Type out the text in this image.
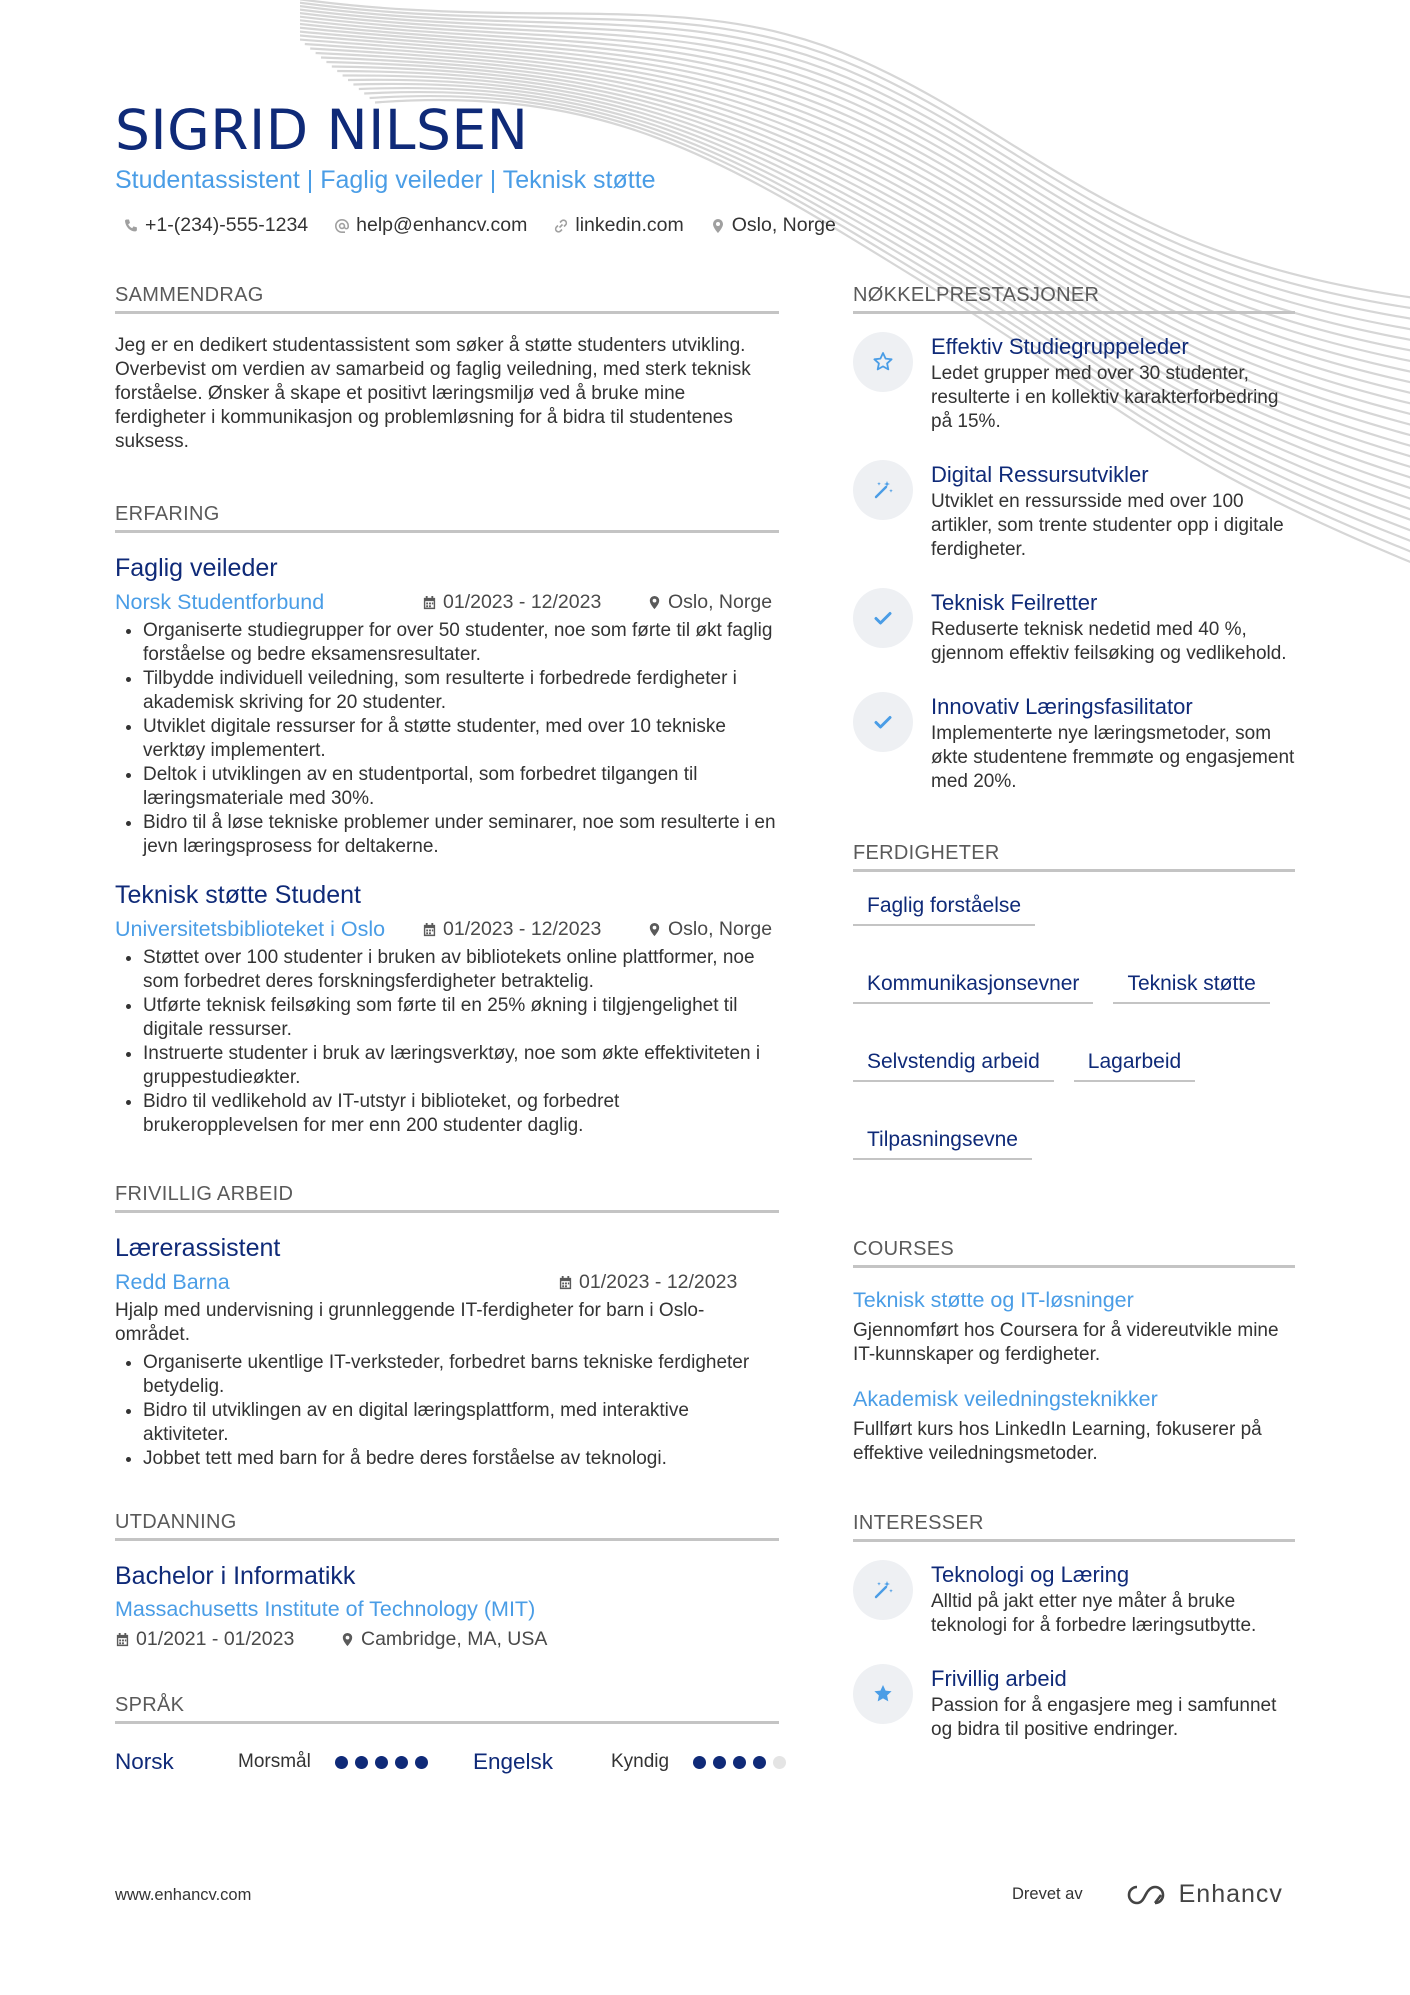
SIGRID NILSEN
Studentassistent | Faglig veileder | Teknisk støtte
+1-(234)-555-1234 help@enhancv.com linkedin.com Oslo, Norge
SAMMENDRAG
Jeg er en dedikert studentassistent som søker å støtte studenters utvikling. Overbevist om verdien av samarbeid og faglig veiledning, med sterk teknisk forståelse. Ønsker å skape et positivt læringsmiljø ved å bruke mine ferdigheter i kommunikasjon og problemløsning for å bidra til studentenes suksess.
ERFARING
Faglig veileder
Norsk Studentforbund	01/2023 - 12/2023	Oslo, Norge
• Organiserte studiegrupper for over 50 studenter, noe som førte til økt faglig forståelse og bedre eksamensresultater.
• Tilbydde individuell veiledning, som resulterte i forbedrede ferdigheter i akademisk skriving for 20 studenter.
• Utviklet digitale ressurser for å støtte studenter, med over 10 tekniske verktøy implementert.
• Deltok i utviklingen av en studentportal, som forbedret tilgangen til læringsmateriale med 30%.
• Bidro til å løse tekniske problemer under seminarer, noe som resulterte i en jevn læringsprosess for deltakerne.
Teknisk støtte Student
Universitetsbiblioteket i Oslo	01/2023 - 12/2023	Oslo, Norge
• Støttet over 100 studenter i bruken av bibliotekets online plattformer, noe som forbedret deres forskningsferdigheter betraktelig.
• Utførte teknisk feilsøking som førte til en 25% økning i tilgjengelighet til digitale ressurser.
• Instruerte studenter i bruk av læringsverktøy, noe som økte effektiviteten i gruppestudieøkter.
• Bidro til vedlikehold av IT-utstyr i biblioteket, og forbedret brukeropplevelsen for mer enn 200 studenter daglig.
FRIVILLIG ARBEID
Lærerassistent
Redd Barna	01/2023 - 12/2023
Hjalp med undervisning i grunnleggende IT-ferdigheter for barn i Oslo-området.
• Organiserte ukentlige IT-verksteder, forbedret barns tekniske ferdigheter betydelig.
• Bidro til utviklingen av en digital læringsplattform, med interaktive aktiviteter.
• Jobbet tett med barn for å bedre deres forståelse av teknologi.
UTDANNING
Bachelor i Informatikk
Massachusetts Institute of Technology (MIT)
01/2021 - 01/2023	Cambridge, MA, USA
SPRÅK
Norsk	Morsmål	Engelsk	Kyndig
NØKKELPRESTASJONER
Effektiv Studiegruppeleder
Ledet grupper med over 30 studenter, resulterte i en kollektiv karakterforbedring på 15%.
Digital Ressursutvikler
Utviklet en ressursside med over 100 artikler, som trente studenter opp i digitale ferdigheter.
Teknisk Feilretter
Reduserte teknisk nedetid med 40 %, gjennom effektiv feilsøking og vedlikehold.
Innovativ Læringsfasilitator
Implementerte nye læringsmetoder, som økte studentene fremmøte og engasjement med 20%.
FERDIGHETER
Faglig forståelse
Kommunikasjonsevner	Teknisk støtte
Selvstendig arbeid	Lagarbeid
Tilpasningsevne
COURSES
Teknisk støtte og IT-løsninger
Gjennomført hos Coursera for å videreutvikle mine IT-kunnskaper og ferdigheter.
Akademisk veiledningsteknikker
Fullført kurs hos LinkedIn Learning, fokuserer på effektive veiledningsmetoder.
INTERESSER
Teknologi og Læring
Alltid på jakt etter nye måter å bruke teknologi for å forbedre læringsutbytte.
Frivillig arbeid
Passion for å engasjere meg i samfunnet og bidra til positive endringer.
www.enhancv.com	Drevet av	Enhancv
